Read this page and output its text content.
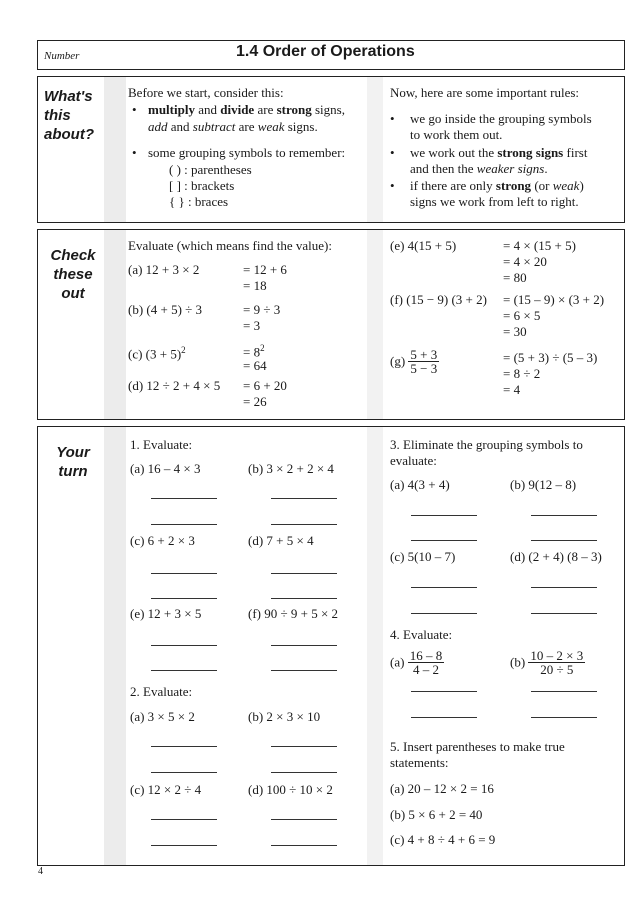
Number	1.4 Order of Operations
What's
this
about?
Before we start, consider this:
• multiply and divide are strong signs,
add and subtract are weak signs.
• some grouping symbols to remember:
( ) : parentheses
[ ] : brackets
{ } : braces
Now, here are some important rules:
• we go inside the grouping symbols
to work them out.
• we work out the strong signs first
and then the weaker signs.
• if there are only strong (or weak)
signs we work from left to right.
Check
these
out
Evaluate (which means find the value):
(a) 12 + 3 × 2	= 12 + 6
= 18
(b) (4 + 5) ÷ 3	= 9 ÷ 3
= 3
(c) $(3 + 5)^2$	= $8^2$
= 64
(d) 12 ÷ 2 + 4 × 5 = 6 + 20
= 26
(e) 4(15 + 5)	= 4 × (15 + 5)
= 4 × 20
= 80
(f) (15 − 9) (3 + 2) = (15 – 9) × (3 + 2)
= 6 × 5
= 30
$(g) \frac{5 + 3}{5 - 3}$	= (5 + 3) ÷ (5 – 3)
= 8 ÷ 2
= 4
Your
turn
1. Evaluate:
(a) 16 – 4 × 3	(b) 3 × 2 + 2 × 4
(c) 6 + 2 × 3	(d) 7 + 5 × 4
(e) 12 + 3 × 5	(f) 90 ÷ 9 + 5 × 2
2. Evaluate:
(a) 3 × 5 × 2	(b) 2 × 3 × 10
(c) 12 × 2 ÷ 4	(d) 100 ÷ 10 × 2
3. Eliminate the grouping symbols to
evaluate:
(a) 4(3 + 4)	(b) 9(12 – 8)
(c) 5(10 – 7)	(d) (2 + 4) (8 – 3)
4. Evaluate:
$(a) \frac{16 - 8}{4 - 2}$	$(b) \frac{10 - 2 \times 3}{20 \div 5}$
5. Insert parentheses to make true
statements:
(a) 20 – 12 × 2 = 16
(b) 5 × 6 + 2 = 40
(c) 4 + 8 ÷ 4 + 6 = 9
4
